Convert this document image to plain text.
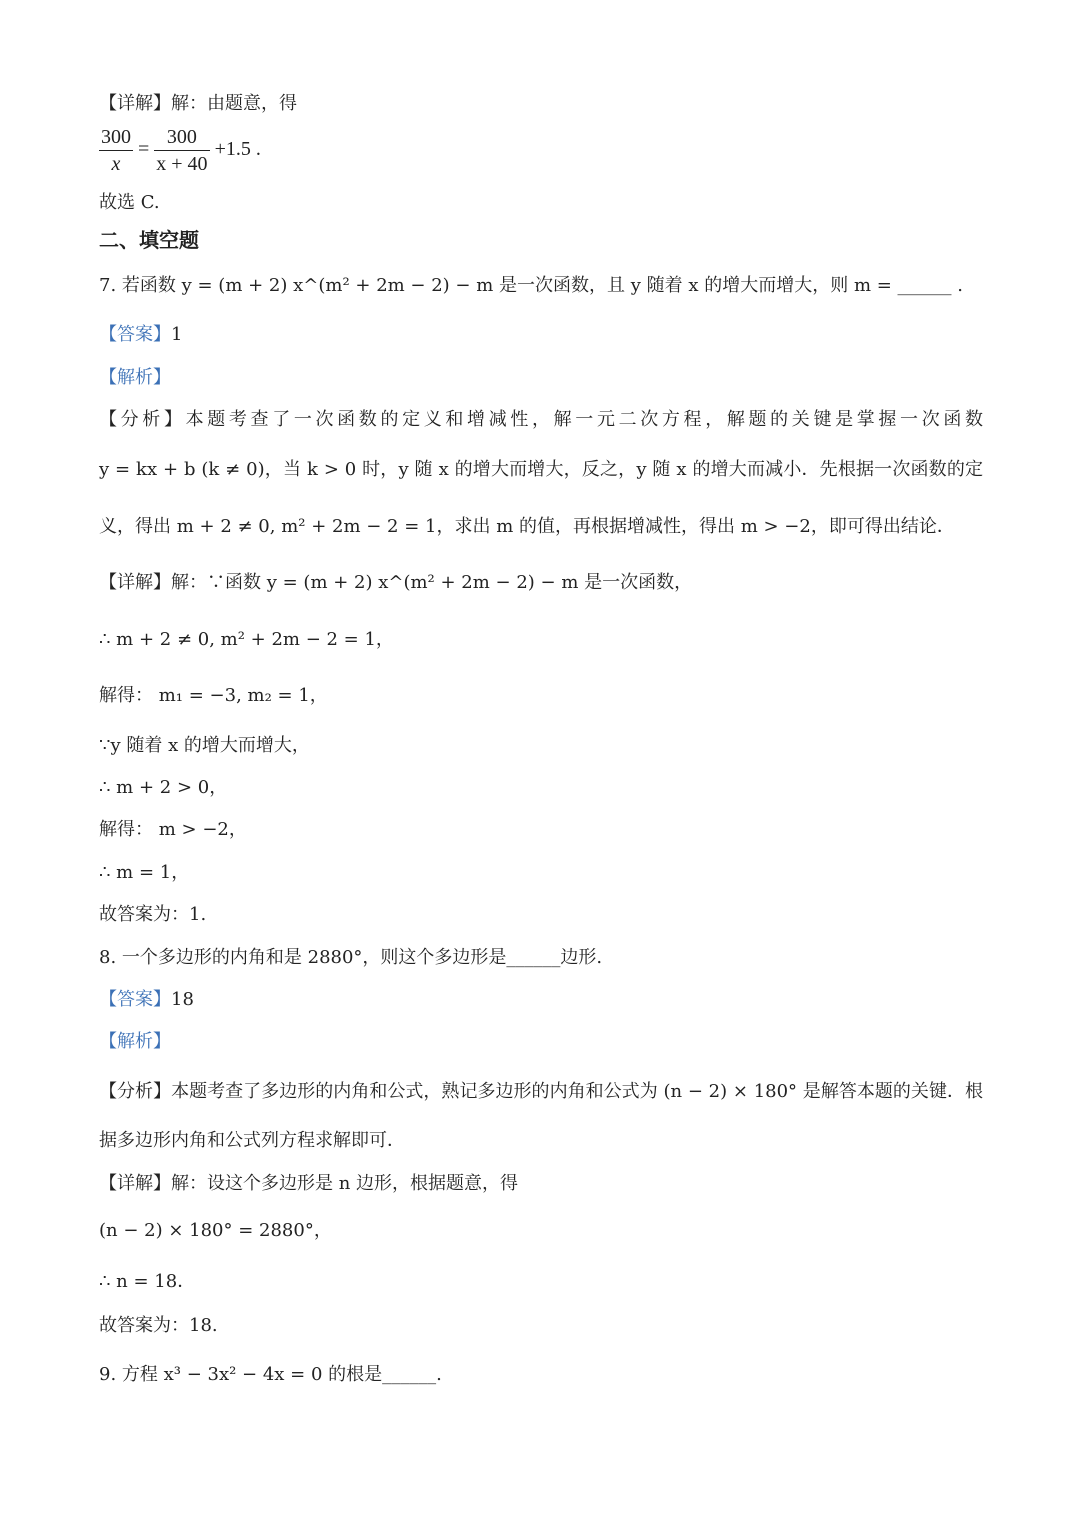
【详解】解：由题意，得
$\frac{300}{x} = \frac{300}{x + 40} +1.5$ .
故选 C.
二、填空题
7. 若函数 y = (m + 2) x^(m² + 2m − 2) − m 是一次函数，且 y 随着 x 的增大而增大，则 m = ______ .
【答案】1
【解析】
【分析】本题考查了一次函数的定义和增减性，解一元二次方程，解题的关键是掌握一次函数
y = kx + b (k ≠ 0)，当 k > 0 时，y 随 x 的增大而增大，反之，y 随 x 的增大而减小．先根据一次函数的定
义，得出 m + 2 ≠ 0, m² + 2m − 2 = 1，求出 m 的值，再根据增减性，得出 m > −2，即可得出结论．
【详解】解：∵函数 y = (m + 2) x^(m² + 2m − 2) − m 是一次函数，
∴ m + 2 ≠ 0, m² + 2m − 2 = 1，
解得： m₁ = −3, m₂ = 1，
∵y 随着 x 的增大而增大，
∴ m + 2 > 0，
解得： m > −2，
∴ m = 1，
故答案为：1.
8. 一个多边形的内角和是 2880°，则这个多边形是______边形.
【答案】18
【解析】
【分析】本题考查了多边形的内角和公式，熟记多边形的内角和公式为 (n − 2) × 180° 是解答本题的关键．根
据多边形内角和公式列方程求解即可．
【详解】解：设这个多边形是 n 边形，根据题意，得
(n − 2) × 180° = 2880°，
∴ n = 18．
故答案为：18.
9. 方程 x³ − 3x² − 4x = 0 的根是______.
